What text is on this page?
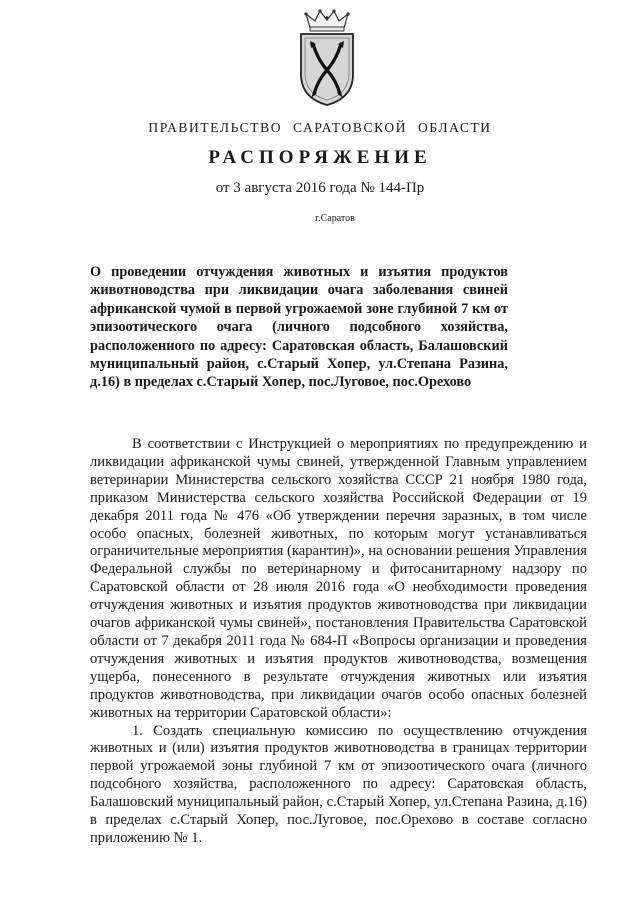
ПРАВИТЕЛЬСТВО САРАТОВСКОЙ ОБЛАСТИ
РАСПОРЯЖЕНИЕ
от 3 августа 2016 года № 144-Пр
г.Саратов
О проведении отчуждения животных и изъятия продуктов животноводства при ликвидации очага заболевания свиней африканской чумой в первой угрожаемой зоне глубиной 7 км от эпизоотического очага (личного подсобного хозяйства, расположенного по адресу: Саратовская область, Балашовский муниципальный район, с.Старый Хопер, ул.Степана Разина, д.16) в пределах с.Старый Хопер, пос.Луговое, пос.Орехово

В соответствии с Инструкцией о мероприятиях по предупреждению и ликвидации африканской чумы свиней, утвержденной Главным управлением ветеринарии Министерства сельского хозяйства СССР 21 ноября 1980 года, приказом Министерства сельского хозяйства Российской Федерации от 19 декабря 2011 года № 476 «Об утверждении перечня заразных, в том числе особо опасных, болезней животных, по которым могут устанавливаться ограничительные мероприятия (карантин)», на основании решения Управления Федеральной службы по ветеринарному и фитосанитарному надзору по Саратовской области от 28 июля 2016 года «О необходимости проведения отчуждения животных и изъятия продуктов животноводства при ликвидации очагов африканской чумы свиней», постановления Правительства Саратовской области от 7 декабря 2011 года № 684-П «Вопросы организации и проведения отчуждения животных и изъятия продуктов животноводства, возмещения ущерба, понесенного в результате отчуждения животных или изъятия продуктов животноводства, при ликвидации очагов особо опасных болезней животных на территории Саратовской области»:

1. Создать специальную комиссию по осуществлению отчуждения животных и (или) изъятия продуктов животноводства в границах территории первой угрожаемой зоны глубиной 7 км от эпизоотического очага (личного подсобного хозяйства, расположенного по адресу: Саратовская область, Балашовский муниципальный район, с.Старый Хопер, ул.Степана Разина, д.16) в пределах с.Старый Хопер, пос.Луговое, пос.Орехово в составе согласно приложению № 1.
